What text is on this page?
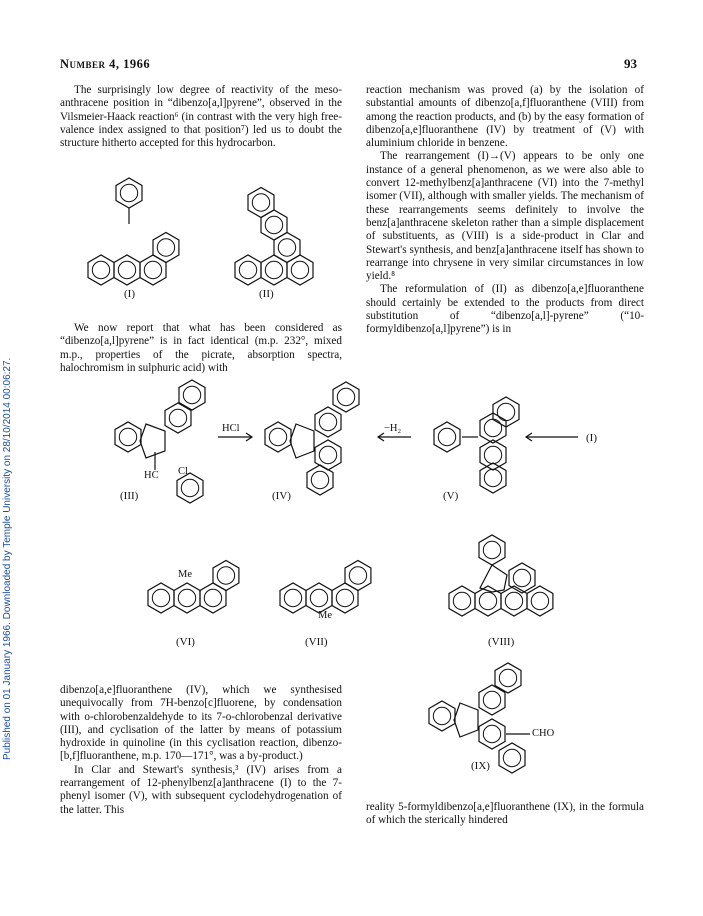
Published on 01 January 1966. Downloaded by Temple University on 28/10/2014 00:06:27.
Number 4, 1966	93

The surprisingly low degree of reactivity of the meso-anthracene position in “dibenzo[a,l]pyrene”, observed in the Vilsmeier-Haack reaction⁶ (in contrast with the very high free-valence index assigned to that position⁷) led us to doubt the structure hitherto accepted for this hydrocarbon.

reaction mechanism was proved (a) by the isolation of substantial amounts of dibenzo[a,f]fluoranthene (VIII) from among the reaction products, and (b) by the easy formation of dibenzo[a,e]fluoranthene (IV) by treatment of (V) with aluminium chloride in benzene.

The rearrangement (I)→(V) appears to be only one instance of a general phenomenon, as we were also able to convert 12-methylbenz[a]anthracene (VI) into the 7-methyl isomer (VII), although with smaller yields. The mechanism of these rearrangements seems definitely to involve the benz[a]anthracene skeleton rather than a simple displacement of substituents, as (VIII) is a side-product in Clar and Stewart's synthesis, and benz[a]anthracene itself has shown to rearrange into chrysene in very similar circumstances in low yield.⁸

The reformulation of (II) as dibenzo[a,e]fluoranthene should certainly be extended to the products from direct substitution of “dibenzo[a,l]-pyrene” (“10-formyldibenzo[a,l]pyrene”) is in

We now report that what has been considered as “dibenzo[a,l]pyrene” is in fact identical (m.p. 232°, mixed m.p., properties of the picrate, absorption spectra, halochromism in sulphuric acid) with

dibenzo[a,e]fluoranthene (IV), which we synthesised unequivocally from 7H-benzo[c]fluorene, by condensation with o-chlorobenzaldehyde to its 7-o-chlorobenzal derivative (III), and cyclisation of the latter by means of potassium hydroxide in quinoline (in this cyclisation reaction, dibenzo-[b,f]fluoranthene, m.p. 170—171°, was a by-product.)

In Clar and Stewart's synthesis,³ (IV) arises from a rearrangement of 12-phenylbenz[a]anthracene (I) to the 7-phenyl isomer (V), with subsequent cyclodehydrogenation of the latter. This	reality 5-formyldibenzo[a,e]fluoranthene (IX), in the formula of which the sterically hindered

(I)	(II)
(III)	(IV)	(V)
(I)
(VI)	(VII)	(VIII)
(IX)
HCl	−H₂
HC Cl
Me
Me
CHO
